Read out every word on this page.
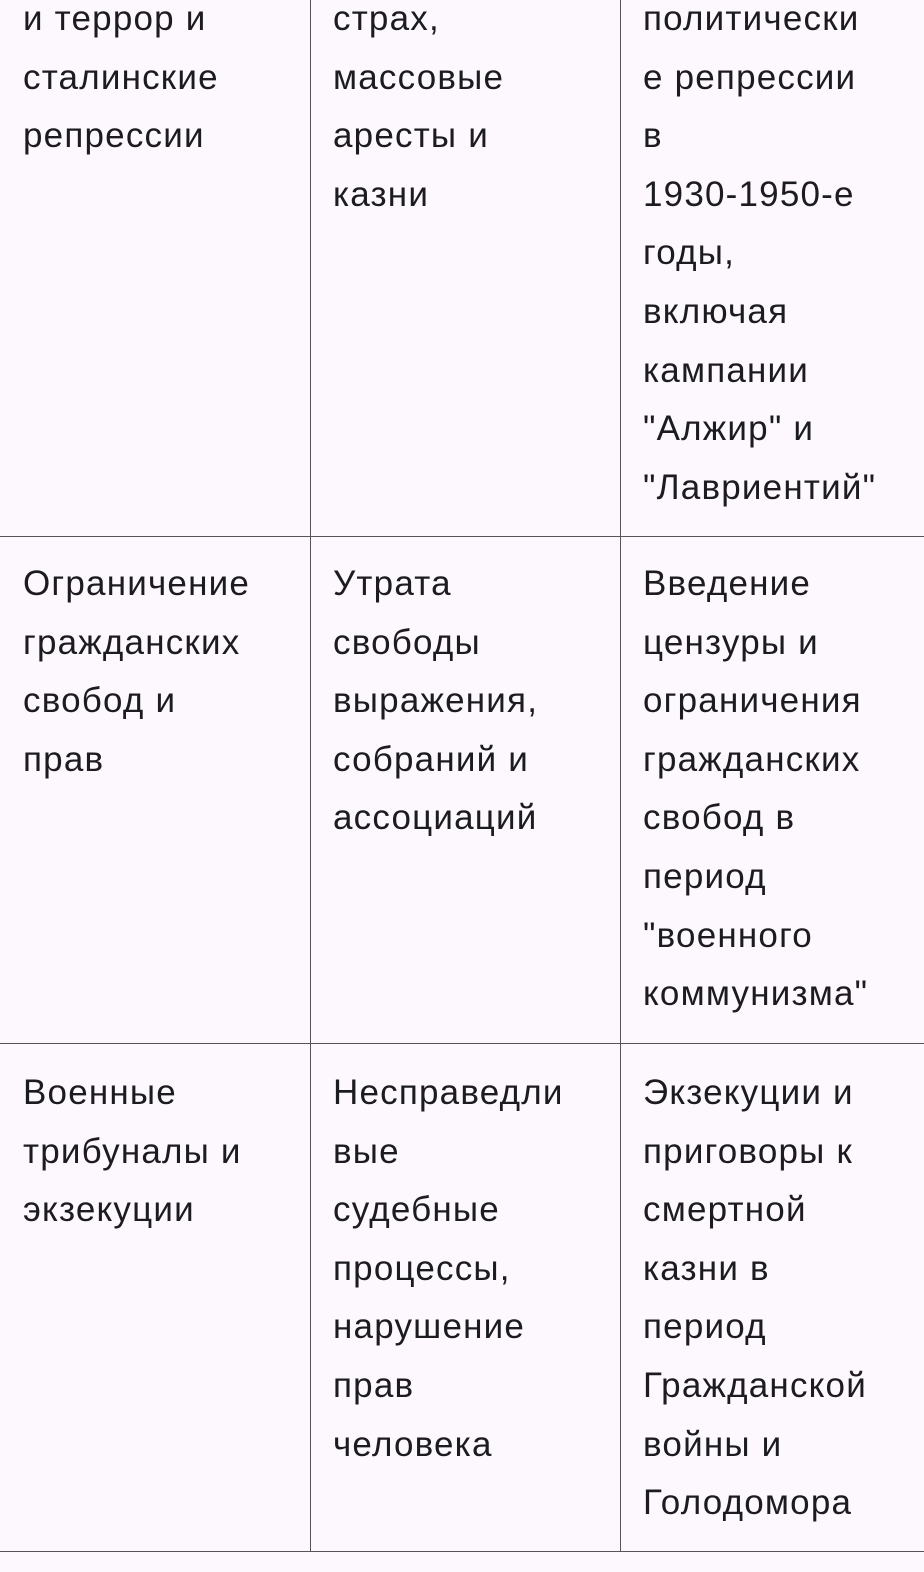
и террор и
сталинские
репрессии
страх,
массовые
аресты и
казни
политически
е репрессии
в
1930-1950-е
годы,
включая
кампании
"Алжир" и
"Лавриентий"
Ограничение
гражданских
свобод и
прав
Утрата
свободы
выражения,
собраний и
ассоциаций
Введение
цензуры и
ограничения
гражданских
свобод в
период
"военного
коммунизма"
Военные
трибуналы и
экзекуции
Несправедли
вые
судебные
процессы,
нарушение
прав
человека
Экзекуции и
приговоры к
смертной
казни в
период
Гражданской
войны и
Голодомора
